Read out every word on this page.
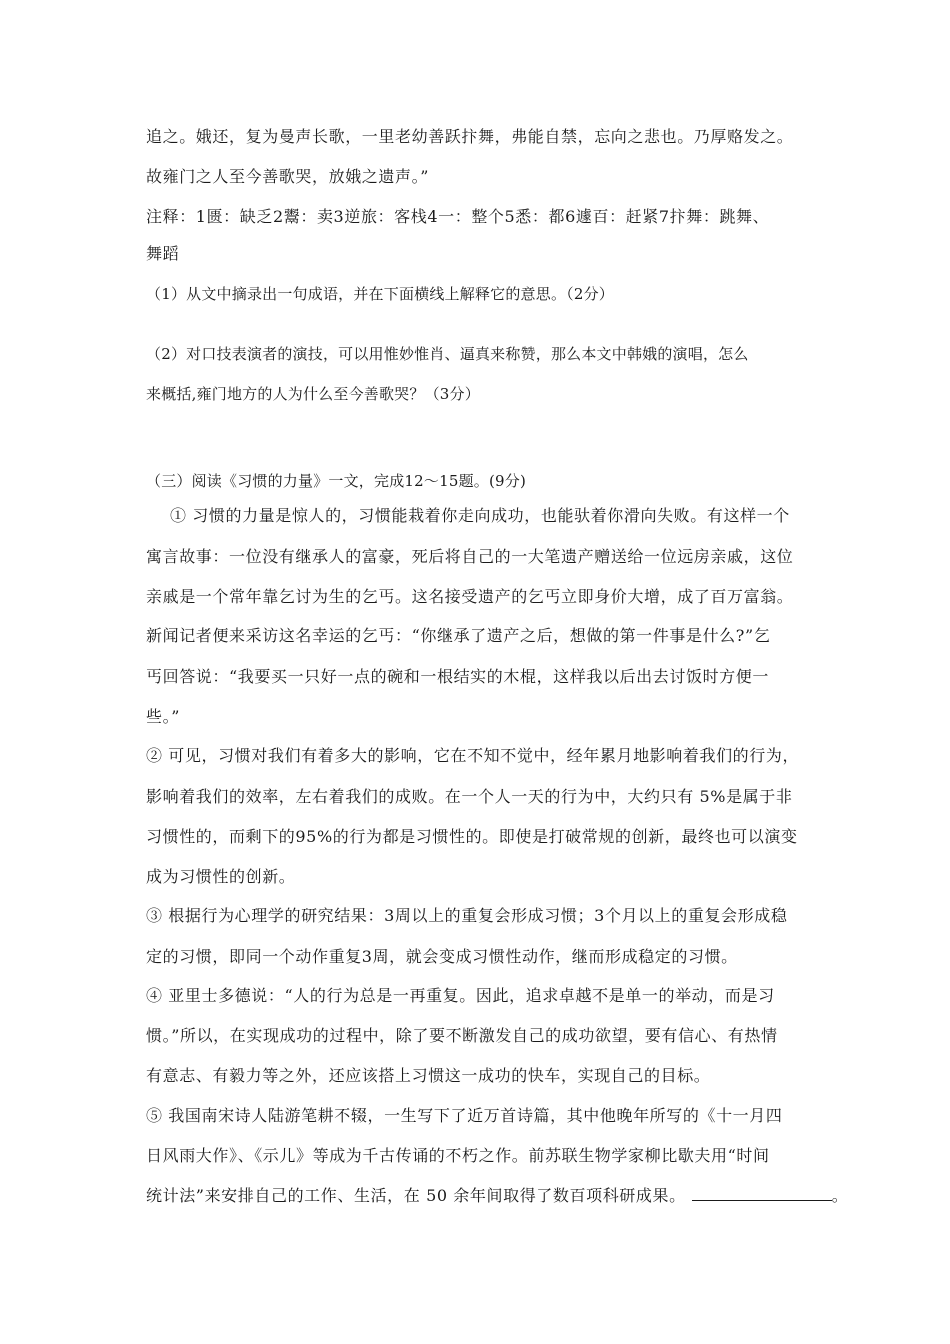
追之。娥还，复为曼声长歌，一里老幼善跃抃舞，弗能自禁，忘向之悲也。乃厚赂发之。
故雍门之人至今善歌哭，放娥之遗声。”
注释：1匮：缺乏2鬻：卖3逆旅：客栈4一：整个5悉：都6遽百：赶紧7抃舞：跳舞、
舞蹈
（1）从文中摘录出一句成语，并在下面横线上解释它的意思。（2分）
（2）对口技表演者的演技，可以用惟妙惟肖、逼真来称赞，那么本文中韩娥的演唱，怎么
来概括,雍门地方的人为什么至今善歌哭？（3分）
（三）阅读《习惯的力量》一文，完成12～15题。(9分)
① 习惯的力量是惊人的，习惯能栽着你走向成功，也能驮着你滑向失败。有这样一个
寓言故事：一位没有继承人的富豪，死后将自己的一大笔遗产赠送给一位远房亲戚，这位
亲戚是一个常年靠乞讨为生的乞丐。这名接受遗产的乞丐立即身价大增，成了百万富翁。
新闻记者便来采访这名幸运的乞丐：“你继承了遗产之后，想做的第一件事是什么?”乞
丐回答说：“我要买一只好一点的碗和一根结实的木棍，这样我以后出去讨饭时方便一
些。”
② 可见，习惯对我们有着多大的影响，它在不知不觉中，经年累月地影响着我们的行为，
影响着我们的效率，左右着我们的成败。在一个人一天的行为中，大约只有 5%是属于非
习惯性的，而剩下的95%的行为都是习惯性的。即使是打破常规的创新，最终也可以演变
成为习惯性的创新。
③ 根据行为心理学的研究结果：3周以上的重复会形成习惯；3个月以上的重复会形成稳
定的习惯，即同一个动作重复3周，就会变成习惯性动作，继而形成稳定的习惯。
④ 亚里士多德说：“人的行为总是一再重复。因此，追求卓越不是单一的举动，而是习
惯。”所以，在实现成功的过程中，除了要不断激发自己的成功欲望，要有信心、有热情
有意志、有毅力等之外，还应该搭上习惯这一成功的快车，实现自己的目标。
⑤ 我国南宋诗人陆游笔耕不辍，一生写下了近万首诗篇，其中他晚年所写的《十一月四
日风雨大作》、《示儿》等成为千古传诵的不朽之作。前苏联生物学家柳比歇夫用“时间
统计法”来安排自己的工作、生活，在 50 余年间取得了数百项科研成果。	。
